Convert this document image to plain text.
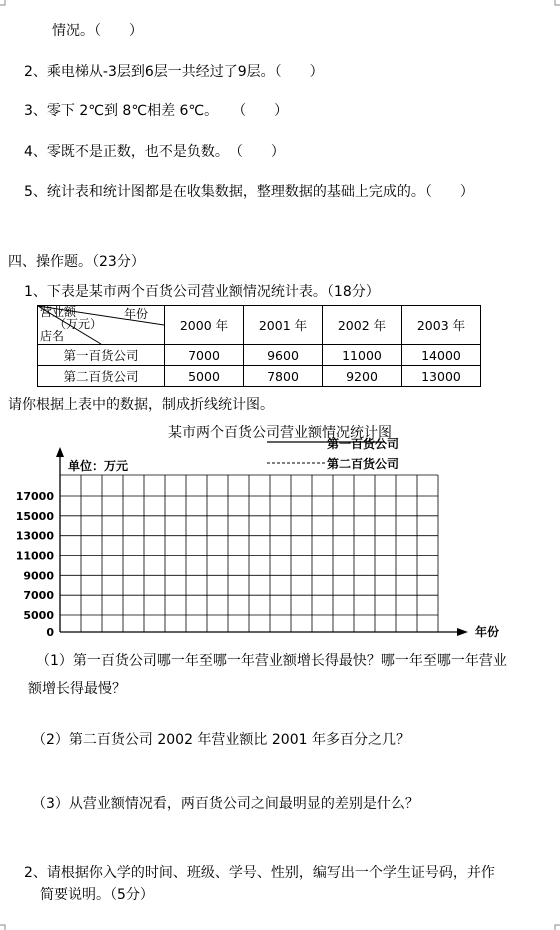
情况。（　　）
2、乘电梯从-3层到6层一共经过了9层。（　　）
3、零下 2℃到 8℃相差 6℃。　　（　　）
4、零既不是正数，也不是负数。　（　　）
5、统计表和统计图都是在收集数据，整理数据的基础上完成的。（　　）
四、操作题。（23分）
1、下表是某市两个百货公司营业额情况统计表。（18分）
营业额
（万元）
年份
店名	2000 年	2001 年	2002 年	2003 年
第一百货公司	7000	9600	11000	14000
第二百货公司	5000	7800	9200	13000
请你根据上表中的数据，制成折线统计图。
某市两个百货公司营业额情况统计图
第一百货公司
第二百货公司
单位：万元
年份
17000
15000
13000
11000
9000
7000
5000
0
（1）第一百货公司哪一年至哪一年营业额增长得最快？哪一年至哪一年营业
额增长得最慢？
（2）第二百货公司 2002 年营业额比 2001 年多百分之几？
（3）从营业额情况看，两百货公司之间最明显的差别是什么？
2、请根据你入学的时间、班级、学号、性别，编写出一个学生证号码，并作
简要说明。（5分）
